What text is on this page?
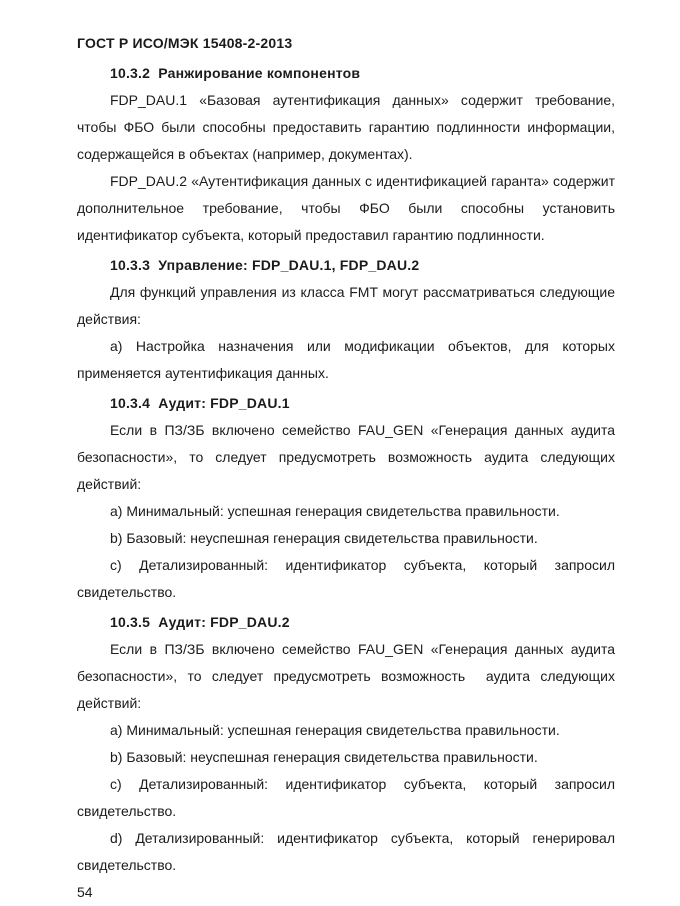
ГОСТ Р ИСО/МЭК 15408-2-2013
10.3.2  Ранжирование компонентов
FDP_DAU.1 «Базовая аутентификация данных» содержит требование, чтобы ФБО были способны предоставить гарантию подлинности информации, содержащейся в объектах (например, документах).
FDP_DAU.2 «Аутентификация данных с идентификацией гаранта» содержит дополнительное требование, чтобы ФБО были способны установить идентификатор субъекта, который предоставил гарантию подлинности.
10.3.3  Управление: FDP_DAU.1, FDP_DAU.2
Для функций управления из класса FMT могут рассматриваться следующие действия:
a) Настройка назначения или модификации объектов, для которых применяется аутентификация данных.
10.3.4  Аудит: FDP_DAU.1
Если в ПЗ/ЗБ включено семейство FAU_GEN «Генерация данных аудита безопасности», то следует предусмотреть возможность аудита следующих действий:
a) Минимальный: успешная генерация свидетельства правильности.
b) Базовый: неуспешная генерация свидетельства правильности.
c) Детализированный: идентификатор субъекта, который запросил свидетельство.
10.3.5  Аудит: FDP_DAU.2
Если в ПЗ/ЗБ включено семейство FAU_GEN «Генерация данных аудита безопасности», то следует предусмотреть возможность  аудита следующих действий:
a) Минимальный: успешная генерация свидетельства правильности.
b) Базовый: неуспешная генерация свидетельства правильности.
c) Детализированный: идентификатор субъекта, который запросил свидетельство.
d) Детализированный: идентификатор субъекта, который генерировал свидетельство.
54
